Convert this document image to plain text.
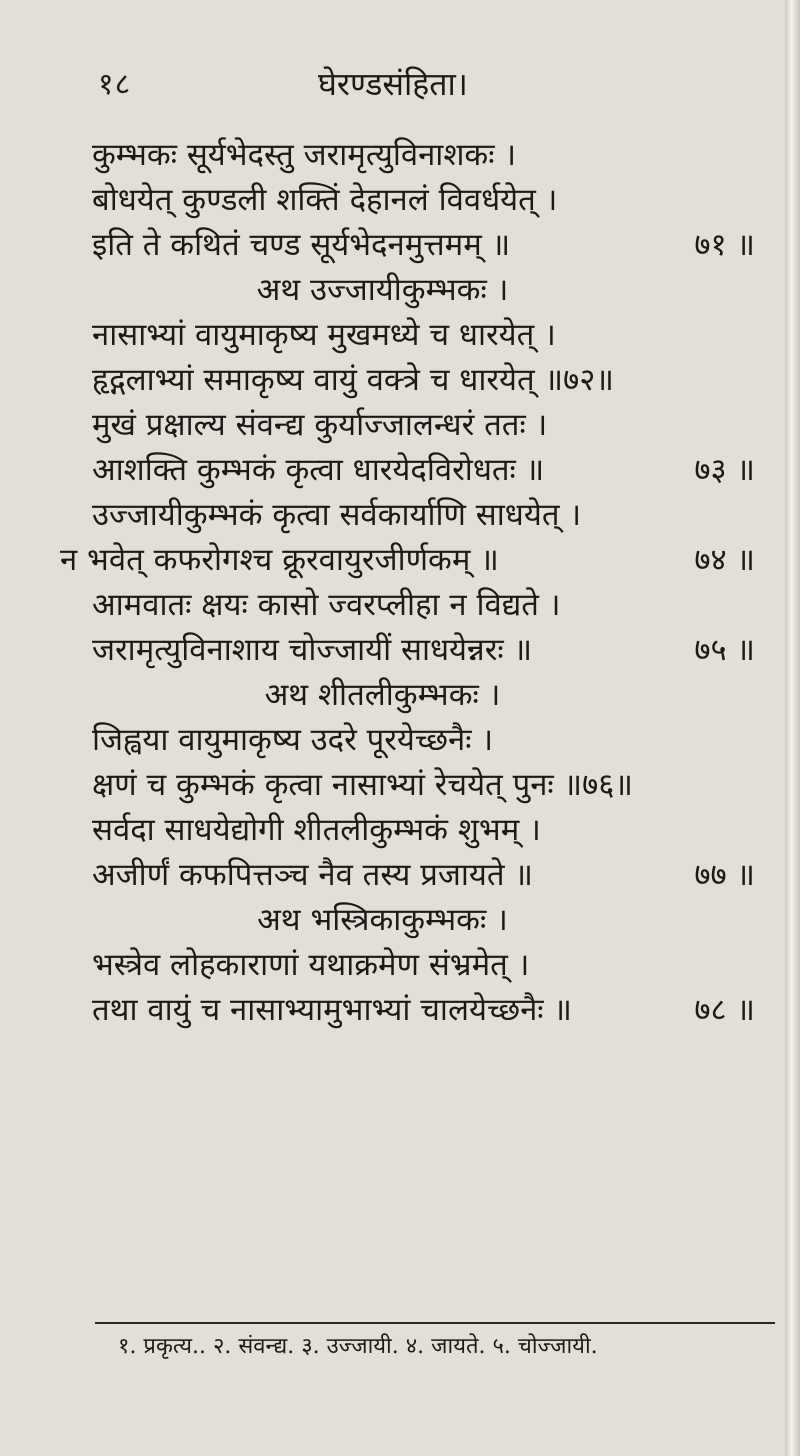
१८	घेरण्डसंहिता।
कुम्भकः सूर्यभेदस्तु जरामृत्युविनाशकः ।
बोधयेत् कुण्डली शक्तिं देहानलं विवर्धयेत् ।
इति ते कथितं चण्ड सूर्यभेदनमुत्तमम् ॥	७१ ॥
अथ उज्जायीकुम्भकः ।
नासाभ्यां वायुमाकृष्य मुखमध्ये च धारयेत् ।
हृद्गलाभ्यां समाकृष्य वायुं वक्त्रे च धारयेत् ॥७२॥
मुखं प्रक्षाल्य संवन्द्य कुर्याज्जालन्धरं ततः ।
आशक्ति कुम्भकं कृत्वा धारयेदविरोधतः ॥	७३ ॥
उज्जायीकुम्भकं कृत्वा सर्वकार्याणि साधयेत् ।
न भवेत् कफरोगश्च क्रूरवायुरजीर्णकम् ॥	७४ ॥
आमवातः क्षयः कासो ज्वरप्लीहा न विद्यते ।
जरामृत्युविनाशाय चोज्जायीं साधयेन्नरः ॥	७५ ॥
अथ शीतलीकुम्भकः ।
जिह्वया वायुमाकृष्य उदरे पूरयेच्छनैः ।
क्षणं च कुम्भकं कृत्वा नासाभ्यां रेचयेत् पुनः ॥७६॥
सर्वदा साधयेद्योगी शीतलीकुम्भकं शुभम् ।
अजीर्णं कफपित्तञ्च नैव तस्य प्रजायते ॥	७७ ॥
अथ भस्त्रिकाकुम्भकः ।
भस्त्रेव लोहकाराणां यथाक्रमेण संभ्रमेत् ।
तथा वायुं च नासाभ्यामुभाभ्यां चालयेच्छनैः ॥	७८ ॥
१. प्रकृत्य.. २. संवन्द्य. ३. उज्जायी. ४. जायते. ५. चोज्जायी.
